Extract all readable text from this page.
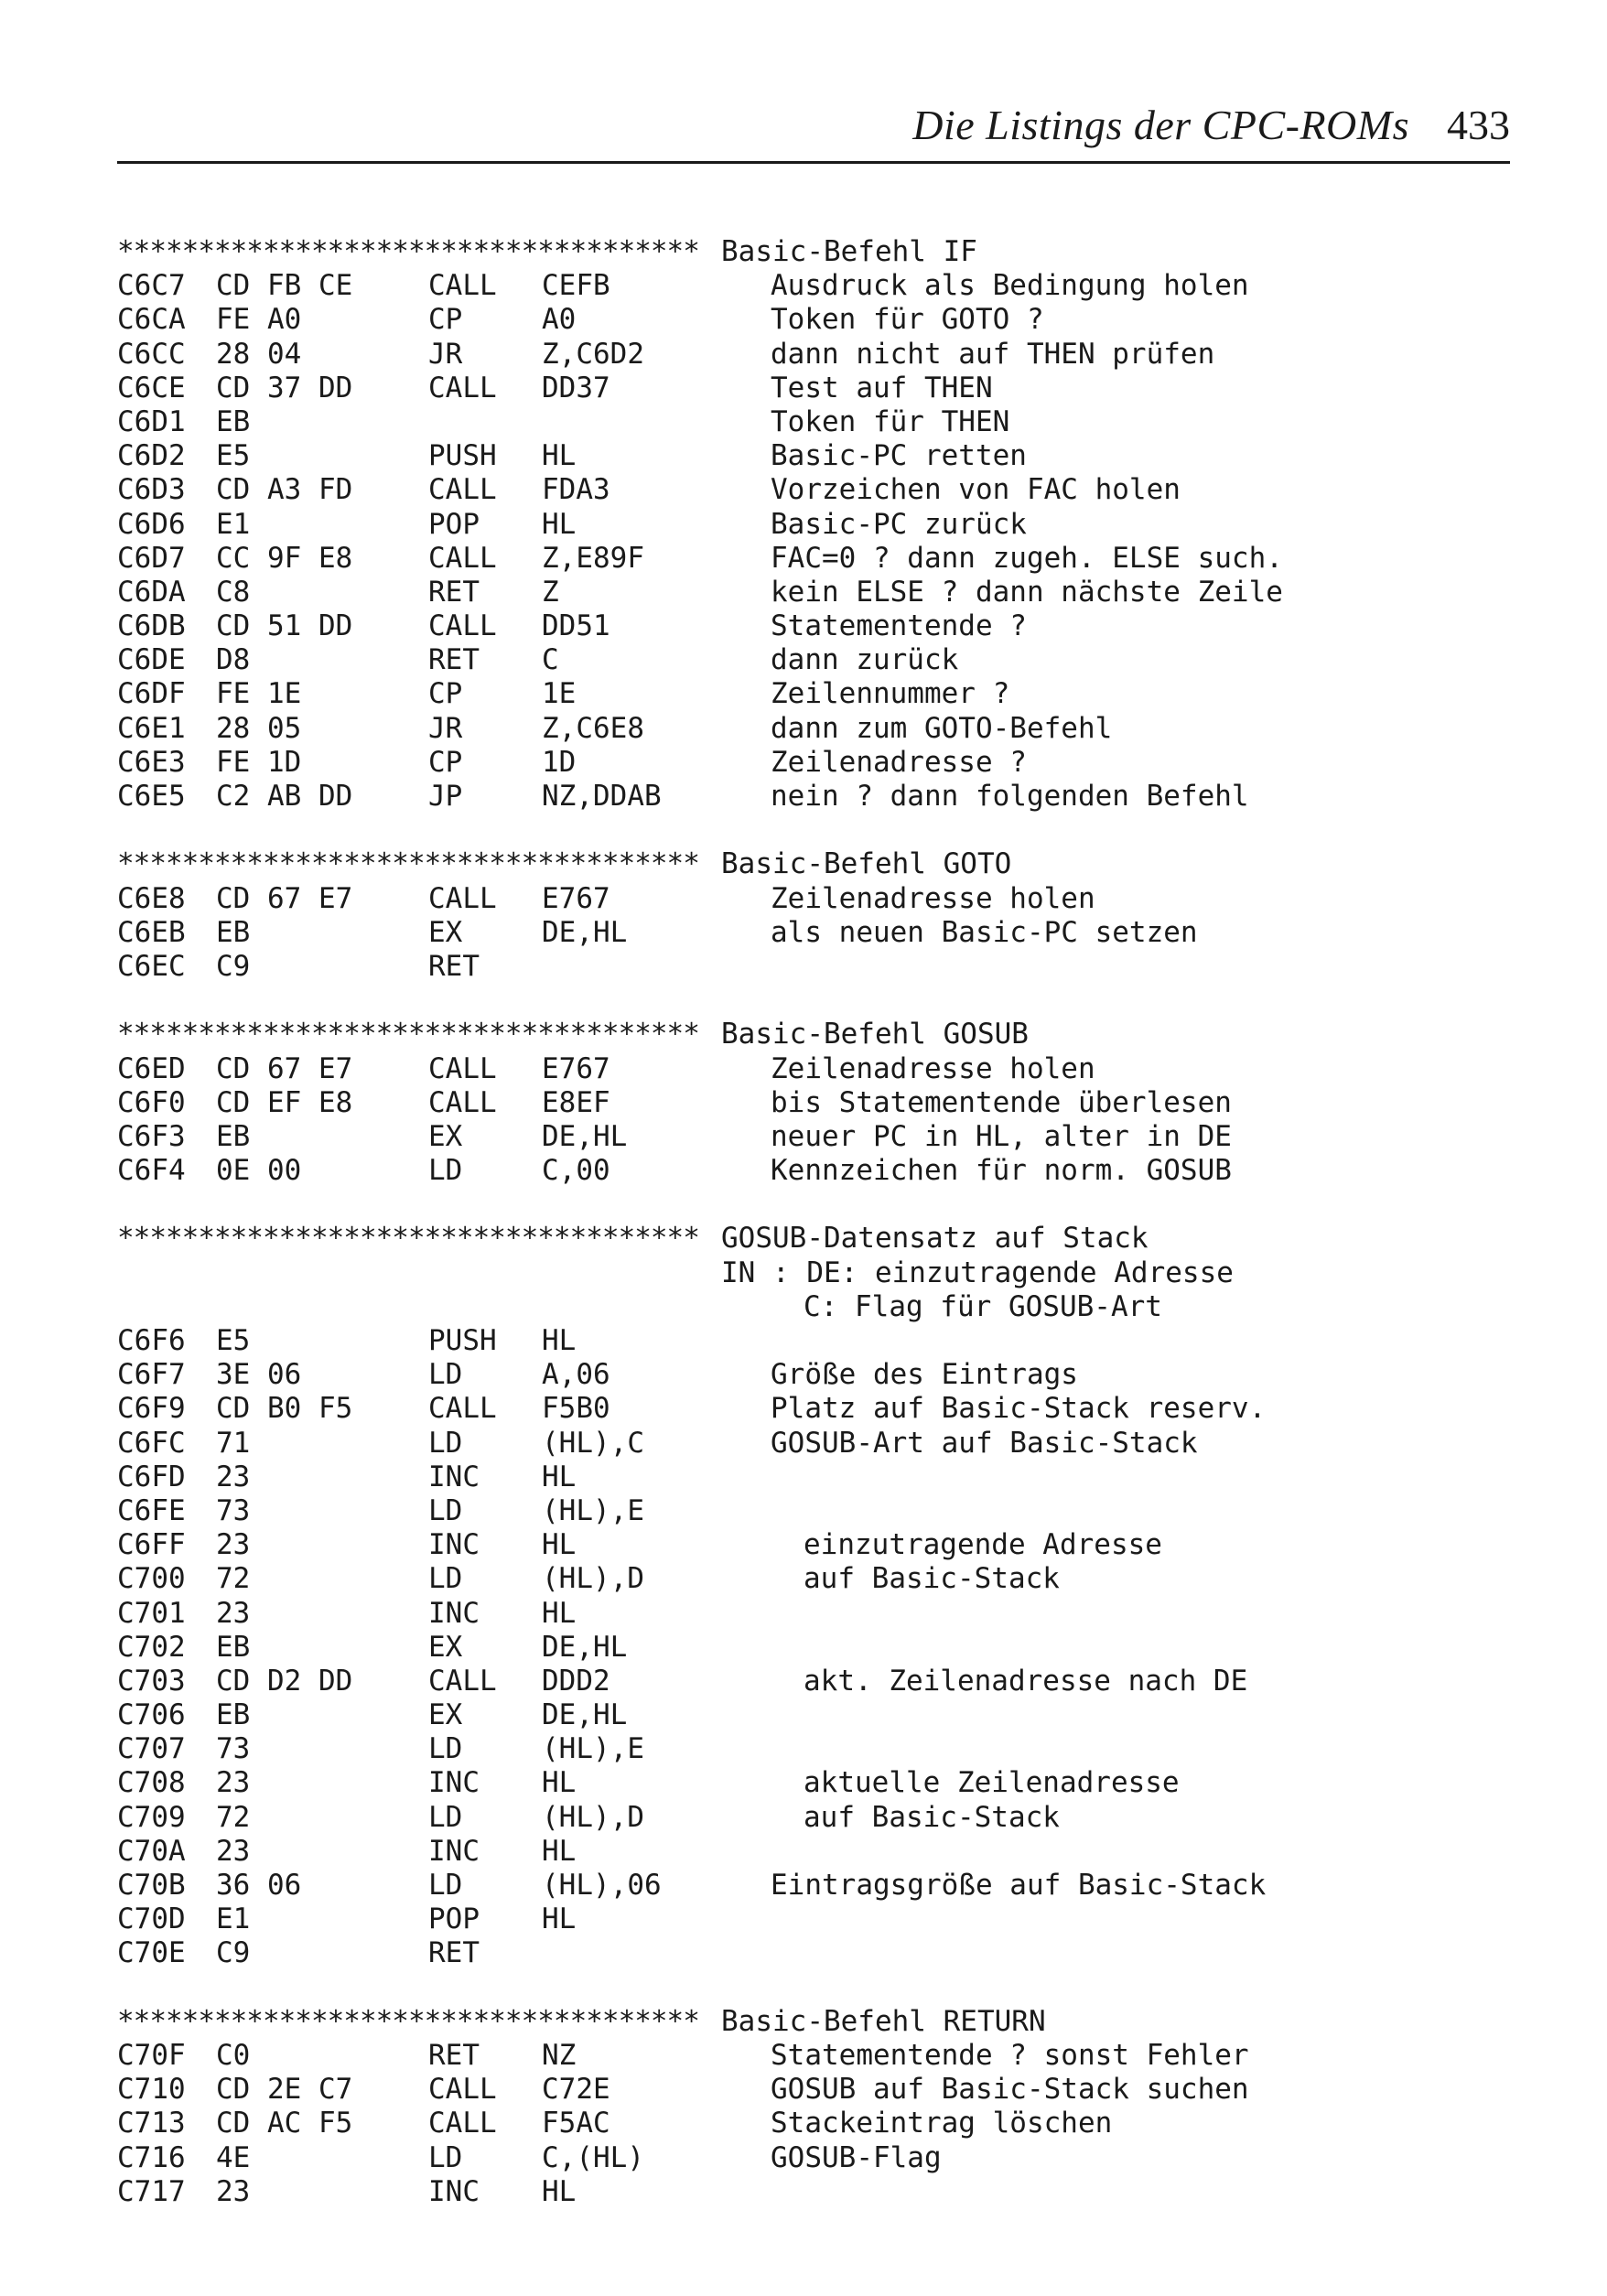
Die Listings der CPC-ROMs 433
************************************ Basic-Befehl IF
C6C7 CD FB CE	CALL CEFB	Ausdruck als Bedingung holen
C6CA FE A0	CP	A0	Token für GOTO ?
C6CC 28 04	JR	Z,C6D2	dann nicht auf THEN prüfen
C6CE CD 37 DD	CALL DD37	Test auf THEN
C6D1 EB	Token für THEN
C6D2 E5	PUSH HL	Basic-PC retten
C6D3 CD A3 FD	CALL FDA3	Vorzeichen von FAC holen
C6D6 E1	POP HL	Basic-PC zurück
C6D7 CC 9F E8	CALL Z,E89F	FAC=0 ? dann zugeh. ELSE such.
C6DA C8	RET Z	kein ELSE ? dann nächste Zeile
C6DB CD 51 DD	CALL DD51	Statementende ?
C6DE D8	RET C	dann zurück
C6DF FE 1E	CP	1E	Zeilennummer ?
C6E1 28 05	JR	Z,C6E8	dann zum GOTO-Befehl
C6E3 FE 1D	CP	1D	Zeilenadresse ?
C6E5 C2 AB DD	JP	NZ,DDAB	nein ? dann folgenden Befehl
************************************ Basic-Befehl GOTO
C6E8 CD 67 E7	CALL E767	Zeilenadresse holen
C6EB EB	EX	DE,HL	als neuen Basic-PC setzen
C6EC C9	RET
************************************ Basic-Befehl GOSUB
C6ED CD 67 E7	CALL E767	Zeilenadresse holen
C6F0 CD EF E8	CALL E8EF	bis Statementende überlesen
C6F3 EB	EX	DE,HL	neuer PC in HL, alter in DE
C6F4 0E 00	LD	C,00	Kennzeichen für norm. GOSUB
************************************ GOSUB-Datensatz auf Stack
IN : DE: einzutragende Adresse
C: Flag für GOSUB-Art
C6F6 E5	PUSH HL
C6F7 3E 06	LD	A,06	Größe des Eintrags
C6F9 CD B0 F5	CALL F5B0	Platz auf Basic-Stack reserv.
C6FC 71	LD	(HL),C	GOSUB-Art auf Basic-Stack
C6FD 23	INC HL
C6FE 73	LD	(HL),E
C6FF 23	INC HL	einzutragende Adresse
C700 72	LD	(HL),D	auf Basic-Stack
C701 23	INC HL
C702 EB	EX	DE,HL
C703 CD D2 DD	CALL DDD2	akt. Zeilenadresse nach DE
C706 EB	EX	DE,HL
C707 73	LD	(HL),E
C708 23	INC HL	aktuelle Zeilenadresse
C709 72	LD	(HL),D	auf Basic-Stack
C70A 23	INC HL
C70B 36 06	LD	(HL),06	Eintragsgröße auf Basic-Stack
C70D E1	POP HL
C70E C9	RET
************************************ Basic-Befehl RETURN
C70F C0	RET NZ	Statementende ? sonst Fehler
C710 CD 2E C7	CALL C72E	GOSUB auf Basic-Stack suchen
C713 CD AC F5	CALL F5AC	Stackeintrag löschen
C716 4E	LD	C,(HL)	GOSUB-Flag
C717 23	INC HL
